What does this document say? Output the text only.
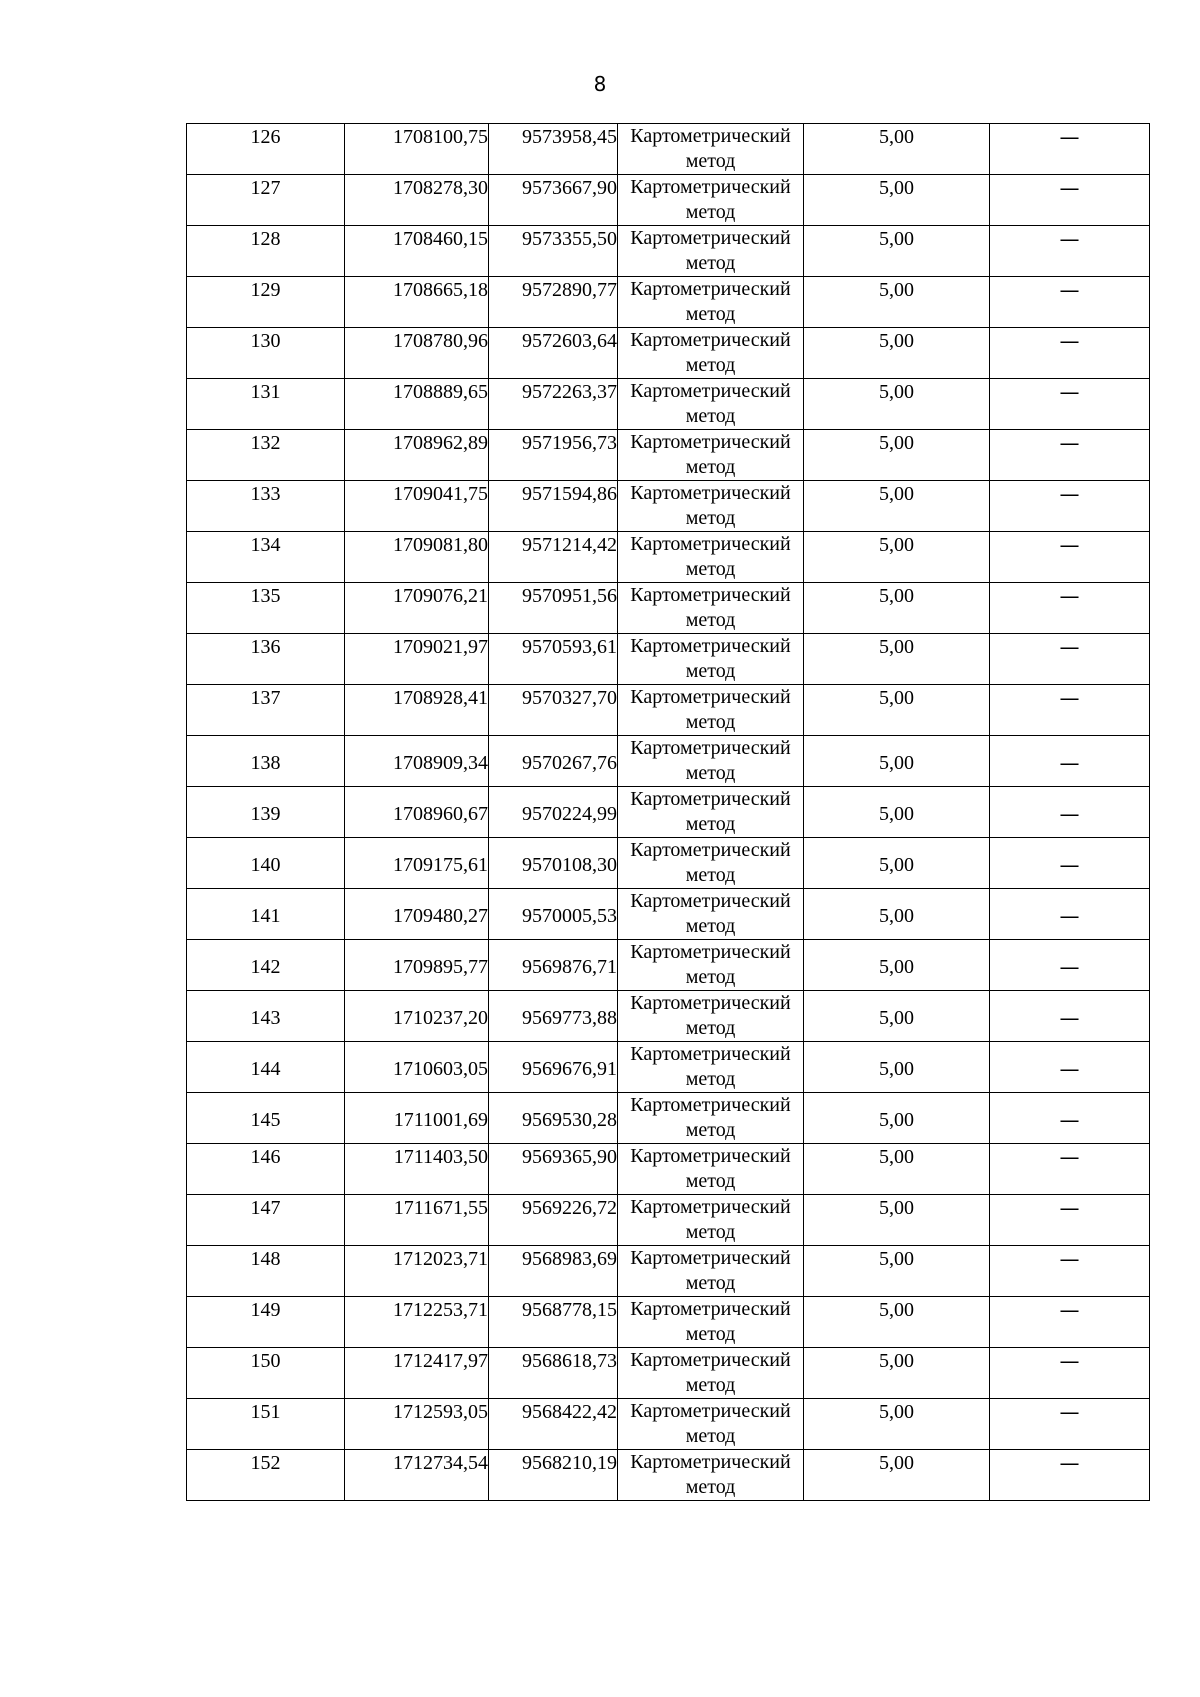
8
126	1708100,75	9573958,45	Картометрический
метод	5,00	—
127	1708278,30	9573667,90	Картометрический
метод	5,00	—
128	1708460,15	9573355,50	Картометрический
метод	5,00	—
129	1708665,18	9572890,77	Картометрический
метод	5,00	—
130	1708780,96	9572603,64	Картометрический
метод	5,00	—
131	1708889,65	9572263,37	Картометрический
метод	5,00	—
132	1708962,89	9571956,73	Картометрический
метод	5,00	—
133	1709041,75	9571594,86	Картометрический
метод	5,00	—
134	1709081,80	9571214,42	Картометрический
метод	5,00	—
135	1709076,21	9570951,56	Картометрический
метод	5,00	—
136	1709021,97	9570593,61	Картометрический
метод	5,00	—
137	1708928,41	9570327,70	Картометрический
метод	5,00	—
138	1708909,34	9570267,76	Картометрический
метод	5,00	—
139	1708960,67	9570224,99	Картометрический
метод	5,00	—
140	1709175,61	9570108,30	Картометрический
метод	5,00	—
141	1709480,27	9570005,53	Картометрический
метод	5,00	—
142	1709895,77	9569876,71	Картометрический
метод	5,00	—
143	1710237,20	9569773,88	Картометрический
метод	5,00	—
144	1710603,05	9569676,91	Картометрический
метод	5,00	—
145	1711001,69	9569530,28	Картометрический
метод	5,00	—
146	1711403,50	9569365,90	Картометрический
метод	5,00	—
147	1711671,55	9569226,72	Картометрический
метод	5,00	—
148	1712023,71	9568983,69	Картометрический
метод	5,00	—
149	1712253,71	9568778,15	Картометрический
метод	5,00	—
150	1712417,97	9568618,73	Картометрический
метод	5,00	—
151	1712593,05	9568422,42	Картометрический
метод	5,00	—
152	1712734,54	9568210,19	Картометрический
метод	5,00	—
